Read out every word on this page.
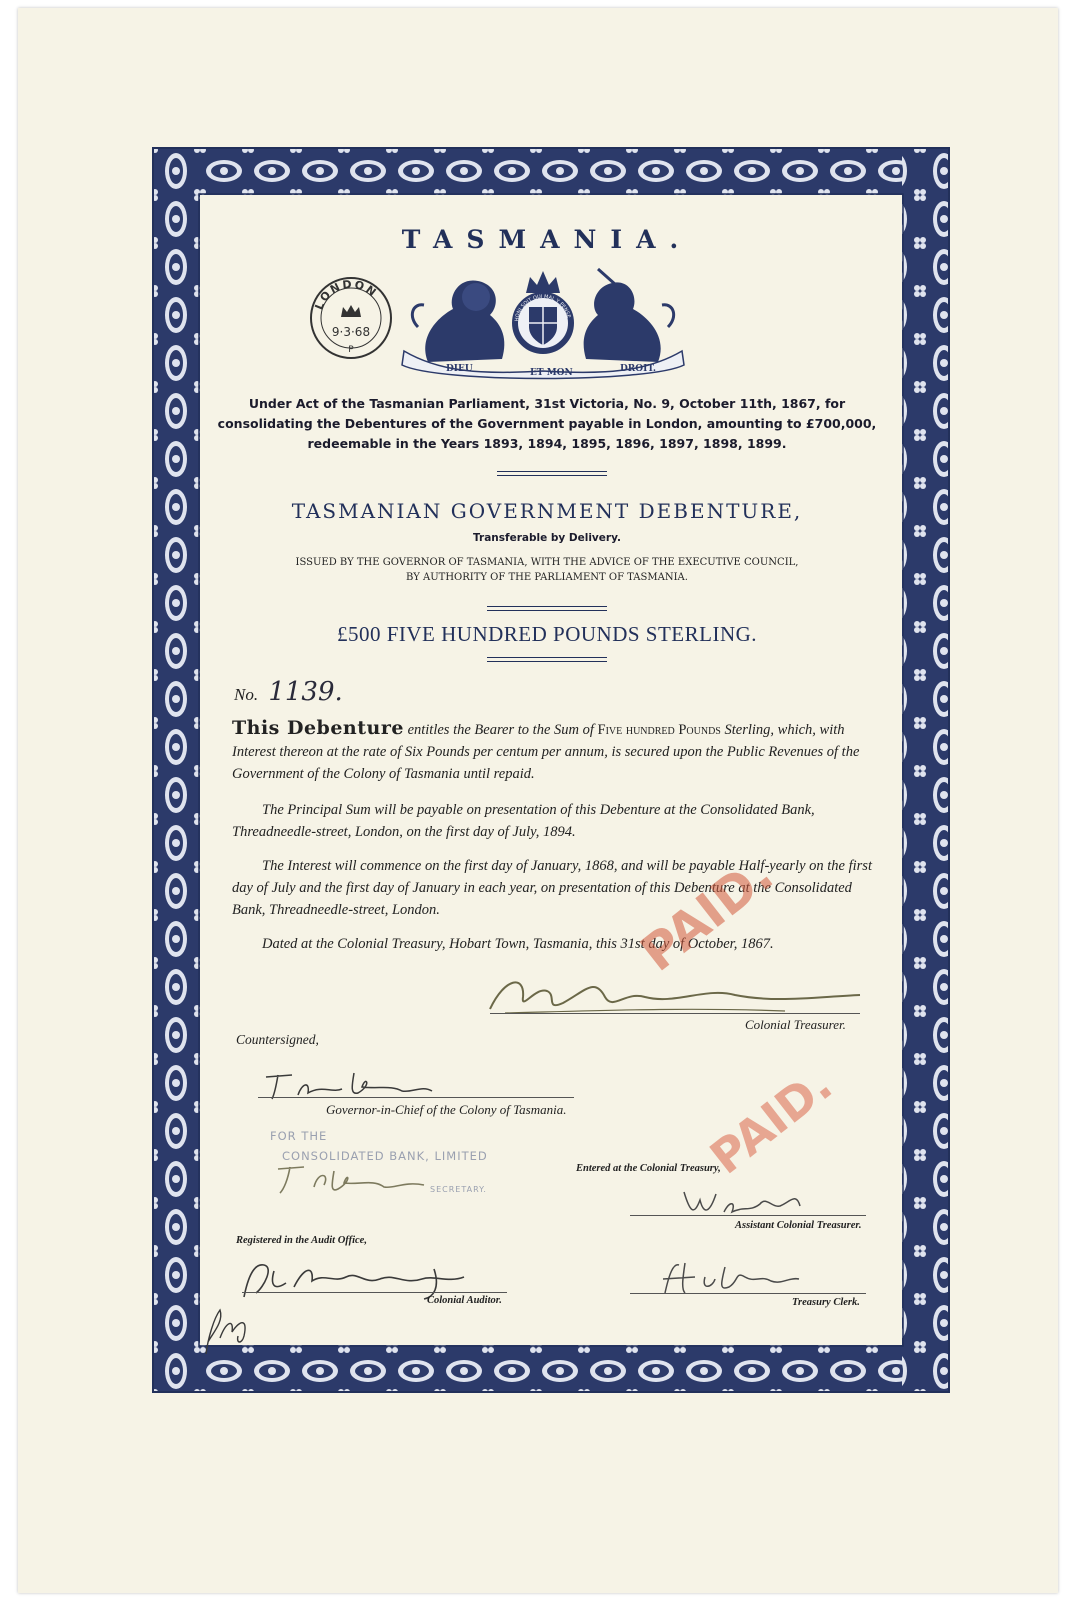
TASMANIA.
LONDON
9·3·68
P
HONI SOIT QUI MAL Y PENSE
DIEU	ET MON	DROIT.
Under Act of the Tasmanian Parliament, 31st Victoria, No. 9, October 11th, 1867, for
consolidating the Debentures of the Government payable in London, amounting to £700,000,
redeemable in the Years 1893, 1894, 1895, 1896, 1897, 1898, 1899.
TASMANIAN GOVERNMENT DEBENTURE,
Transferable by Delivery.
ISSUED BY THE GOVERNOR OF TASMANIA, WITH THE ADVICE OF THE EXECUTIVE COUNCIL,
BY AUTHORITY OF THE PARLIAMENT OF TASMANIA.
£500 FIVE HUNDRED POUNDS STERLING.
No. 1139.
This Debenture entitles the Bearer to the Sum of Five hundred Pounds Sterling, which, with Interest thereon at the rate of Six Pounds per centum per annum, is secured upon the Public Revenues of the Government of the Colony of Tasmania until repaid.
The Principal Sum will be payable on presentation of this Debenture at the Consolidated Bank, Threadneedle-street, London, on the first day of July, 1894.
The Interest will commence on the first day of January, 1868, and will be payable Half-yearly on the first day of July and the first day of January in each year, on presentation of this Debenture at the Consolidated Bank, Threadneedle-street, London.
Dated at the Colonial Treasury, Hobart Town, Tasmania, this 31st day of October, 1867.
Colonial Treasurer.
PAID.
Countersigned,
Governor-in-Chief of the Colony of Tasmania.
FOR THE
CONSOLIDATED BANK, LIMITED
SECRETARY.
Entered at the Colonial Treasury,
PAID.
Assistant Colonial Treasurer.
Registered in the Audit Office,
Colonial Auditor.	Treasury Clerk.
